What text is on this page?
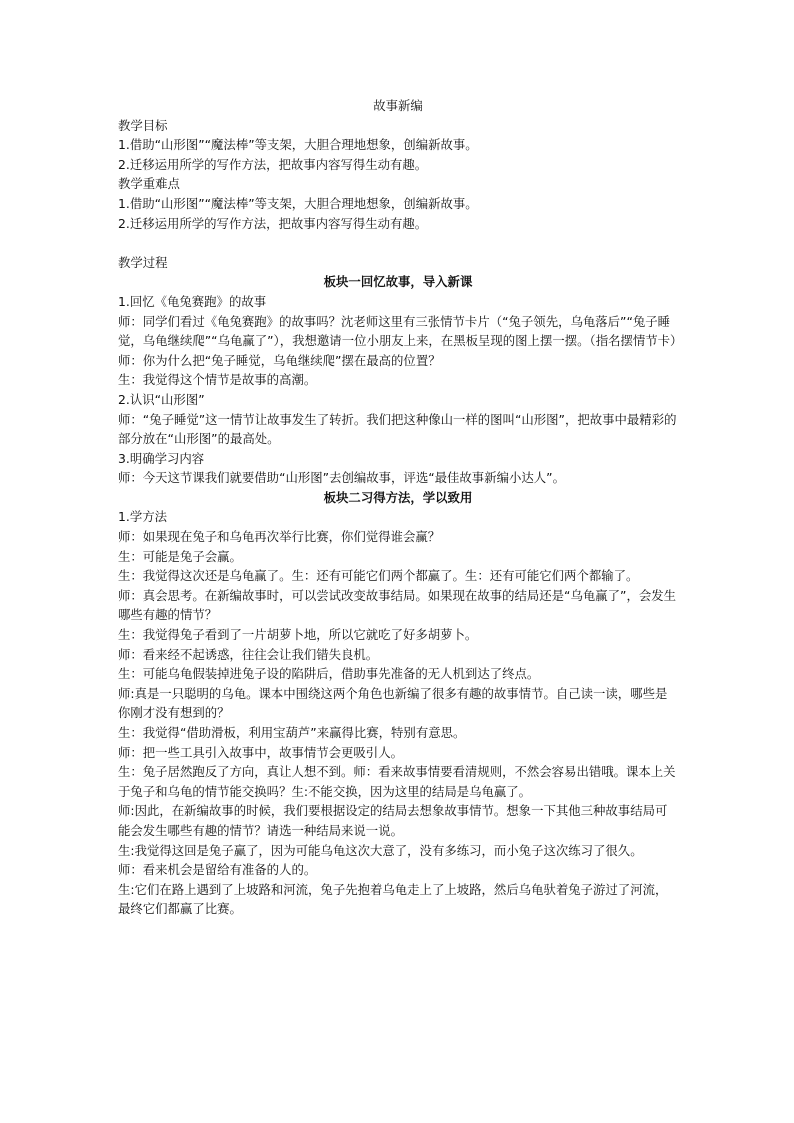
故事新编

教学目标

1.借助“山形图”“魔法棒”等支架，大胆合理地想象，创编新故事。

2.迁移运用所学的写作方法，把故事内容写得生动有趣。

教学重难点

1.借助“山形图”“魔法棒”等支架，大胆合理地想象，创编新故事。

2.迁移运用所学的写作方法，把故事内容写得生动有趣。

教学过程

板块一回忆故事，导入新课

1.回忆《龟兔赛跑》的故事

师：同学们看过《龟兔赛跑》的故事吗？沈老师这里有三张情节卡片（“兔子领先，乌龟落后”“兔子睡觉，乌龟继续爬”“乌龟赢了”），我想邀请一位小朋友上来，在黑板呈现的图上摆一摆。（指名摆情节卡）

师：你为什么把“兔子睡觉，乌龟继续爬”摆在最高的位置？

生：我觉得这个情节是故事的高潮。

2.认识“山形图”

师：“兔子睡觉”这一情节让故事发生了转折。我们把这种像山一样的图叫“山形图”，把故事中最精彩的部分放在“山形图”的最高处。

3.明确学习内容

师：今天这节课我们就要借助“山形图”去创编故事，评选“最佳故事新编小达人”。

板块二习得方法，学以致用

1.学方法

师：如果现在兔子和乌龟再次举行比赛，你们觉得谁会赢？

生：可能是兔子会赢。

生：我觉得这次还是乌龟赢了。生：还有可能它们两个都赢了。生：还有可能它们两个都输了。

师：真会思考。在新编故事时，可以尝试改变故事结局。如果现在故事的结局还是“乌龟赢了”，会发生哪些有趣的情节？

生：我觉得兔子看到了一片胡萝卜地，所以它就吃了好多胡萝卜。

师：看来经不起诱惑，往往会让我们错失良机。

生：可能乌龟假装掉进兔子设的陷阱后，借助事先准备的无人机到达了终点。

师:真是一只聪明的乌龟。课本中围绕这两个角色也新编了很多有趣的故事情节。自己读一读，哪些是你刚才没有想到的？

生：我觉得“借助滑板，利用宝葫芦”来赢得比赛，特别有意思。

师：把一些工具引入故事中，故事情节会更吸引人。

生：兔子居然跑反了方向，真让人想不到。师：看来故事情要看清规则，不然会容易出错哦。课本上关于兔子和乌龟的情节能交换吗？生:不能交换，因为这里的结局是乌龟赢了。

师:因此，在新编故事的时候，我们要根据设定的结局去想象故事情节。想象一下其他三种故事结局可能会发生哪些有趣的情节？请选一种结局来说一说。

生:我觉得这回是兔子赢了，因为可能乌龟这次大意了，没有多练习，而小兔子这次练习了很久。

师：看来机会是留给有准备的人的。

生:它们在路上遇到了上坡路和河流，兔子先抱着乌龟走上了上坡路，然后乌龟驮着兔子游过了河流，最终它们都赢了比赛。
